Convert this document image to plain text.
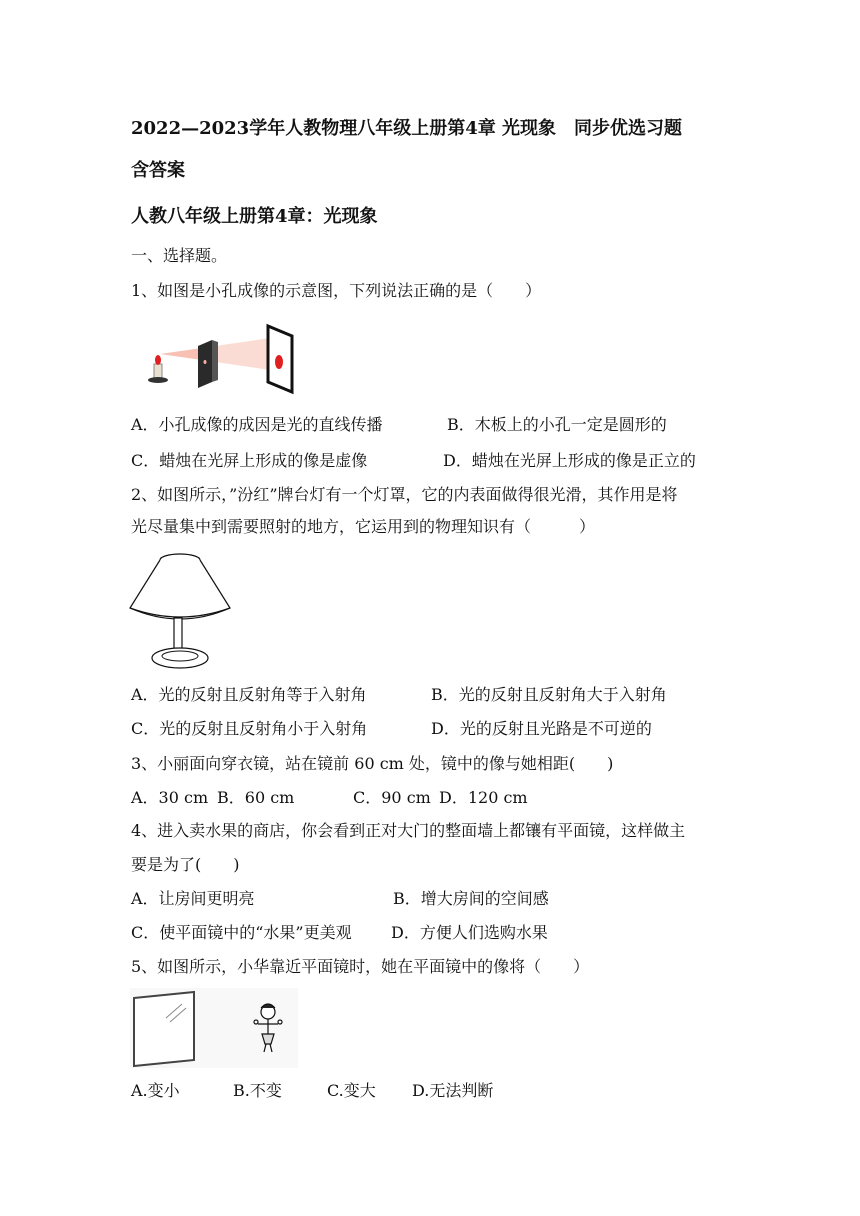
2022—2023学年人教物理八年级上册第4章 光现象　同步优选习题
含答案
人教八年级上册第4章：光现象
一、选择题。
1、如图是小孔成像的示意图，下列说法正确的是（　　）

A．小孔成像的成因是光的直线传播

	B．木板上的小孔一定是圆形的

C．蜡烛在光屏上形成的像是虚像

	D．蜡烛在光屏上形成的像是正立的

2、如图所示，”汾红”牌台灯有一个灯罩，它的内表面做得很光滑，其作用是将
光尽量集中到需要照射的地方，它运用到的物理知识有（　　　）

A．光的反射且反射角等于入射角

	B．光的反射且反射角大于入射角

C．光的反射且反射角小于入射角

	D．光的反射且光路是不可逆的

3、小丽面向穿衣镜，站在镜前 60 cm 处，镜中的像与她相距(　　)

A．30 cm

B．60 cm

	C．90 cm

D．120 cm

4、进入卖水果的商店，你会看到正对大门的整面墙上都镶有平面镜，这样做主
要是为了(　　)

A．让房间更明亮

	B．增大房间的空间感

C．使平面镜中的“水果”更美观

D．方便人们选购水果

5、如图所示，小华靠近平面镜时，她在平面镜中的像将（　　）

A.变小

	B.不变

	C.变大

D.无法判断
